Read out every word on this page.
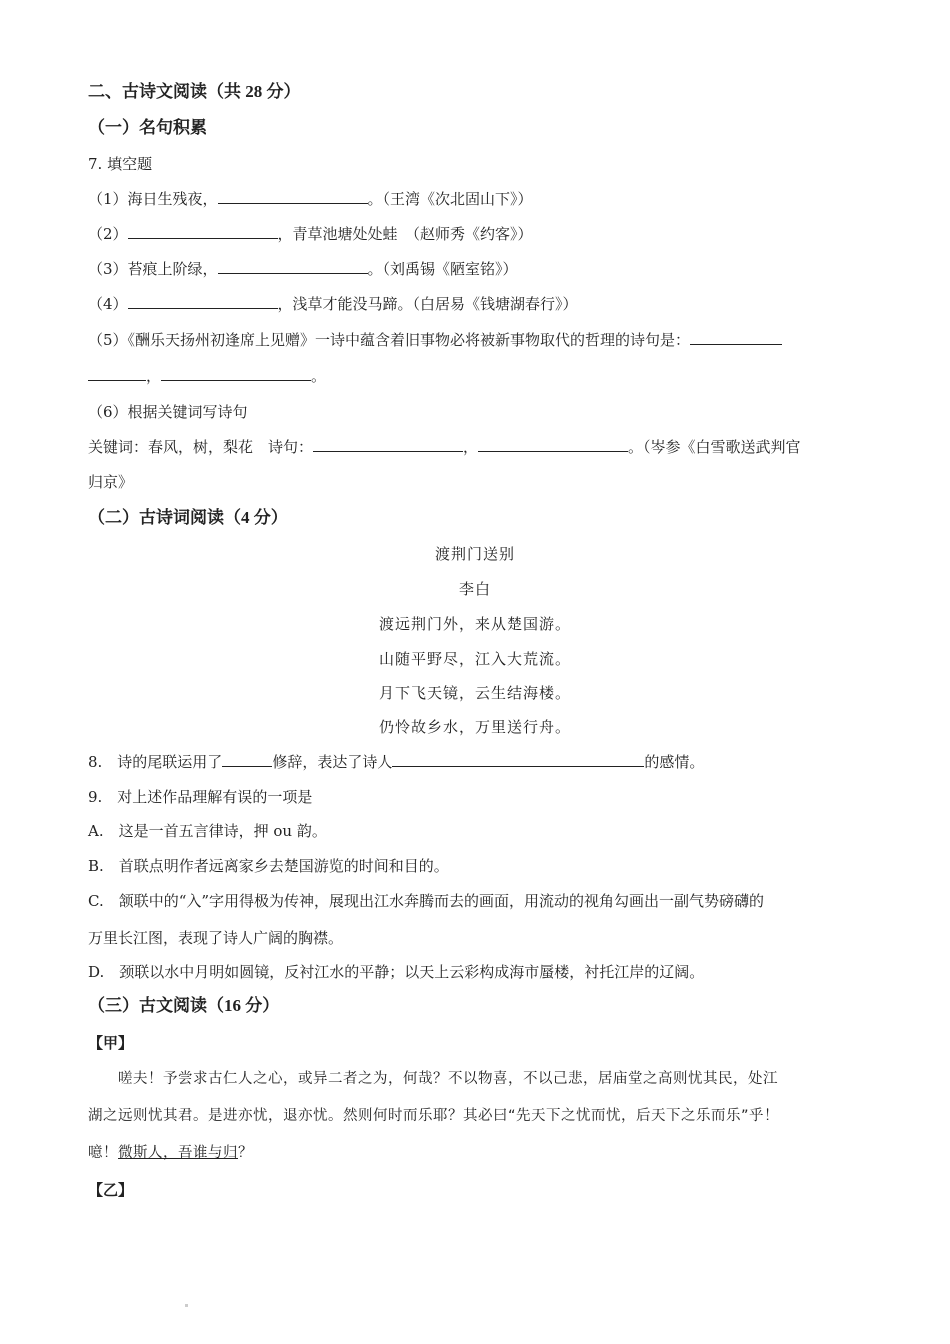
二、古诗文阅读（共 28 分）
（一）名句积累
7. 填空题
（1）海日生残夜，	。（王湾《次北固山下》）
（2）	，青草池塘处处蛙　（赵师秀《约客》）
（3）苔痕上阶绿，	。（刘禹锡《陋室铭》）
（4）	，浅草才能没马蹄。（白居易《钱塘湖春行》）
（5）《酬乐天扬州初逢席上见赠》一诗中蕴含着旧事物必将被新事物取代的哲理的诗句是：
，	。
（6）根据关键词写诗句
关键词：春风，树，梨花　诗句：	，	。（岑参《白雪歌送武判官
归京》
（二）古诗词阅读（4 分）
渡荆门送别
李白
渡远荆门外，来从楚国游。
山随平野尽，江入大荒流。
月下飞天镜，云生结海楼。
仍怜故乡水，万里送行舟。
8.　诗的尾联运用了	修辞，表达了诗人	的感情。
9.　对上述作品理解有误的一项是
A.　这是一首五言律诗，押 ou 韵。
B.　首联点明作者远离家乡去楚国游览的时间和目的。
C.　颔联中的“入”字用得极为传神，展现出江水奔腾而去的画面，用流动的视角勾画出一副气势磅礴的
万里长江图，表现了诗人广阔的胸襟。
D.　颈联以水中月明如圆镜，反衬江水的平静；以天上云彩构成海市蜃楼，衬托江岸的辽阔。
（三）古文阅读（16 分）
【甲】
嗟夫！予尝求古仁人之心，或异二者之为，何哉？不以物喜，不以己悲，居庙堂之高则忧其民，处江
湖之远则忧其君。是进亦忧，退亦忧。然则何时而乐耶？其必曰“先天下之忧而忧，后天下之乐而乐”乎！
噫！微斯人，吾谁与归？
【乙】
